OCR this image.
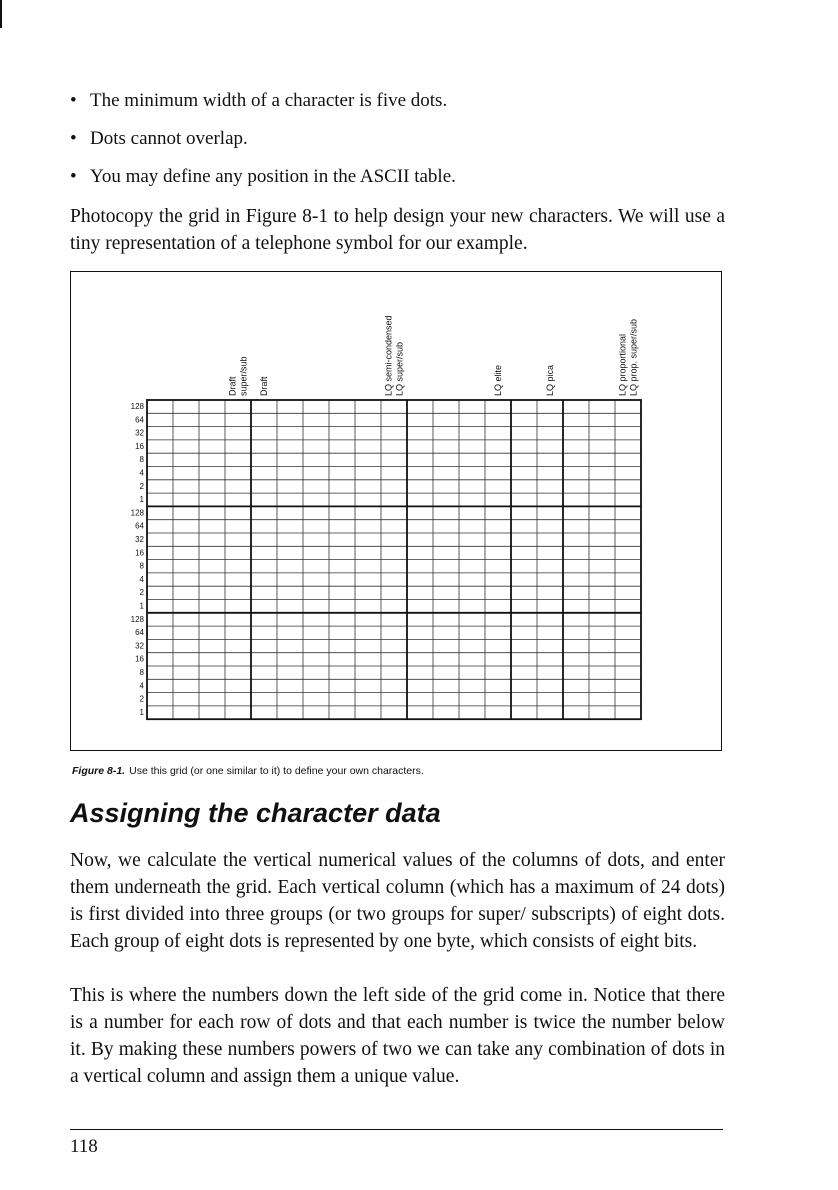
• The minimum width of a character is five dots.
• Dots cannot overlap.
• You may define any position in the ASCII table.

Photocopy the grid in Figure 8-1 to help design your new characters. We will use a tiny representation of a telephone symbol for our example.

128
64
32
16
8
4
2
1
128
64
32
16
8
4
2
1
128
64
32
16
8
4
2
1
Draft super/sub Draft	LQ semi-condensed LQ super/sub	LQ elite	LQ pica	LQ proportional LQ prop. super/sub
Figure 8-1. Use this grid (or one similar to it) to define your own characters.
Assigning the character data

Now, we calculate the vertical numerical values of the columns of dots, and enter them underneath the grid. Each vertical column (which has a maximum of 24 dots) is first divided into three groups (or two groups for super/ subscripts) of eight dots. Each group of eight dots is represented by one byte, which consists of eight bits.

This is where the numbers down the left side of the grid come in. Notice that there is a number for each row of dots and that each number is twice the number below it. By making these numbers powers of two we can take any combination of dots in a vertical column and assign them a unique value.

118
